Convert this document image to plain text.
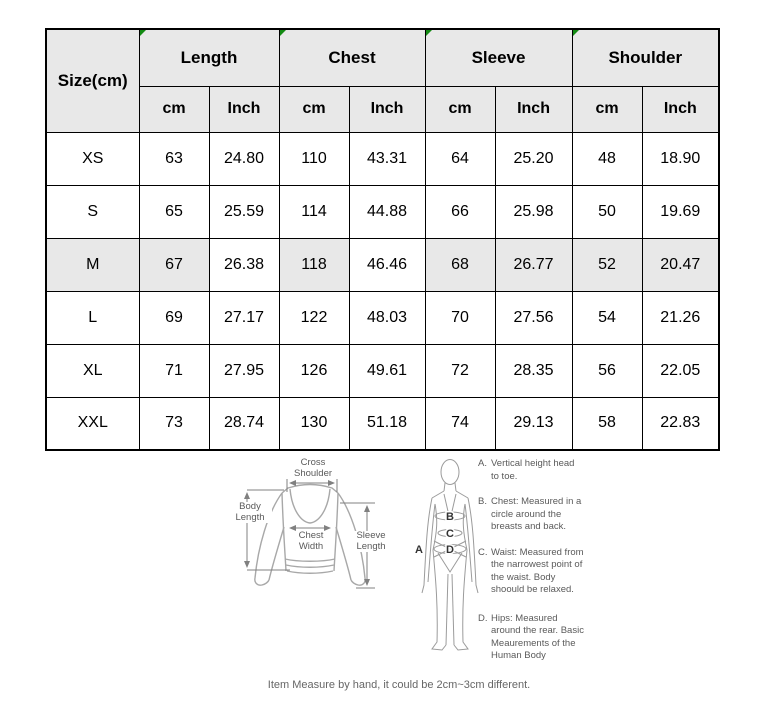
Size(cm)	Length		Chest		Sleeve		Shoulder	
	cm	Inch	cm	Inch	cm	Inch	cm	Inch
XS	63	24.80	110	43.31	64	25.20	48	18.90
S	65	25.59	114	44.88	66	25.98	50	19.69
M	67	26.38	118	46.46	68	26.77	52	20.47
L	69	27.17	122	48.03	70	27.56	54	21.26
XL	71	27.95	126	49.61	72	28.35	56	22.05
XXL	73	28.74	130	51.18	74	29.13	58	22.83
Cross Shoulder
Body Length
Chest Width
Sleeve Length
B
C
D
A
A. Vertical height head to toe.
B. Chest: Measured in a circle around the breasts and back.
C. Waist: Measured from the narrowest point of the waist. Body shoould be relaxed.
D. Hips: Measured around the rear. Basic Meaurements of the Human Body
Item Measure by hand, it could be 2cm~3cm different.
